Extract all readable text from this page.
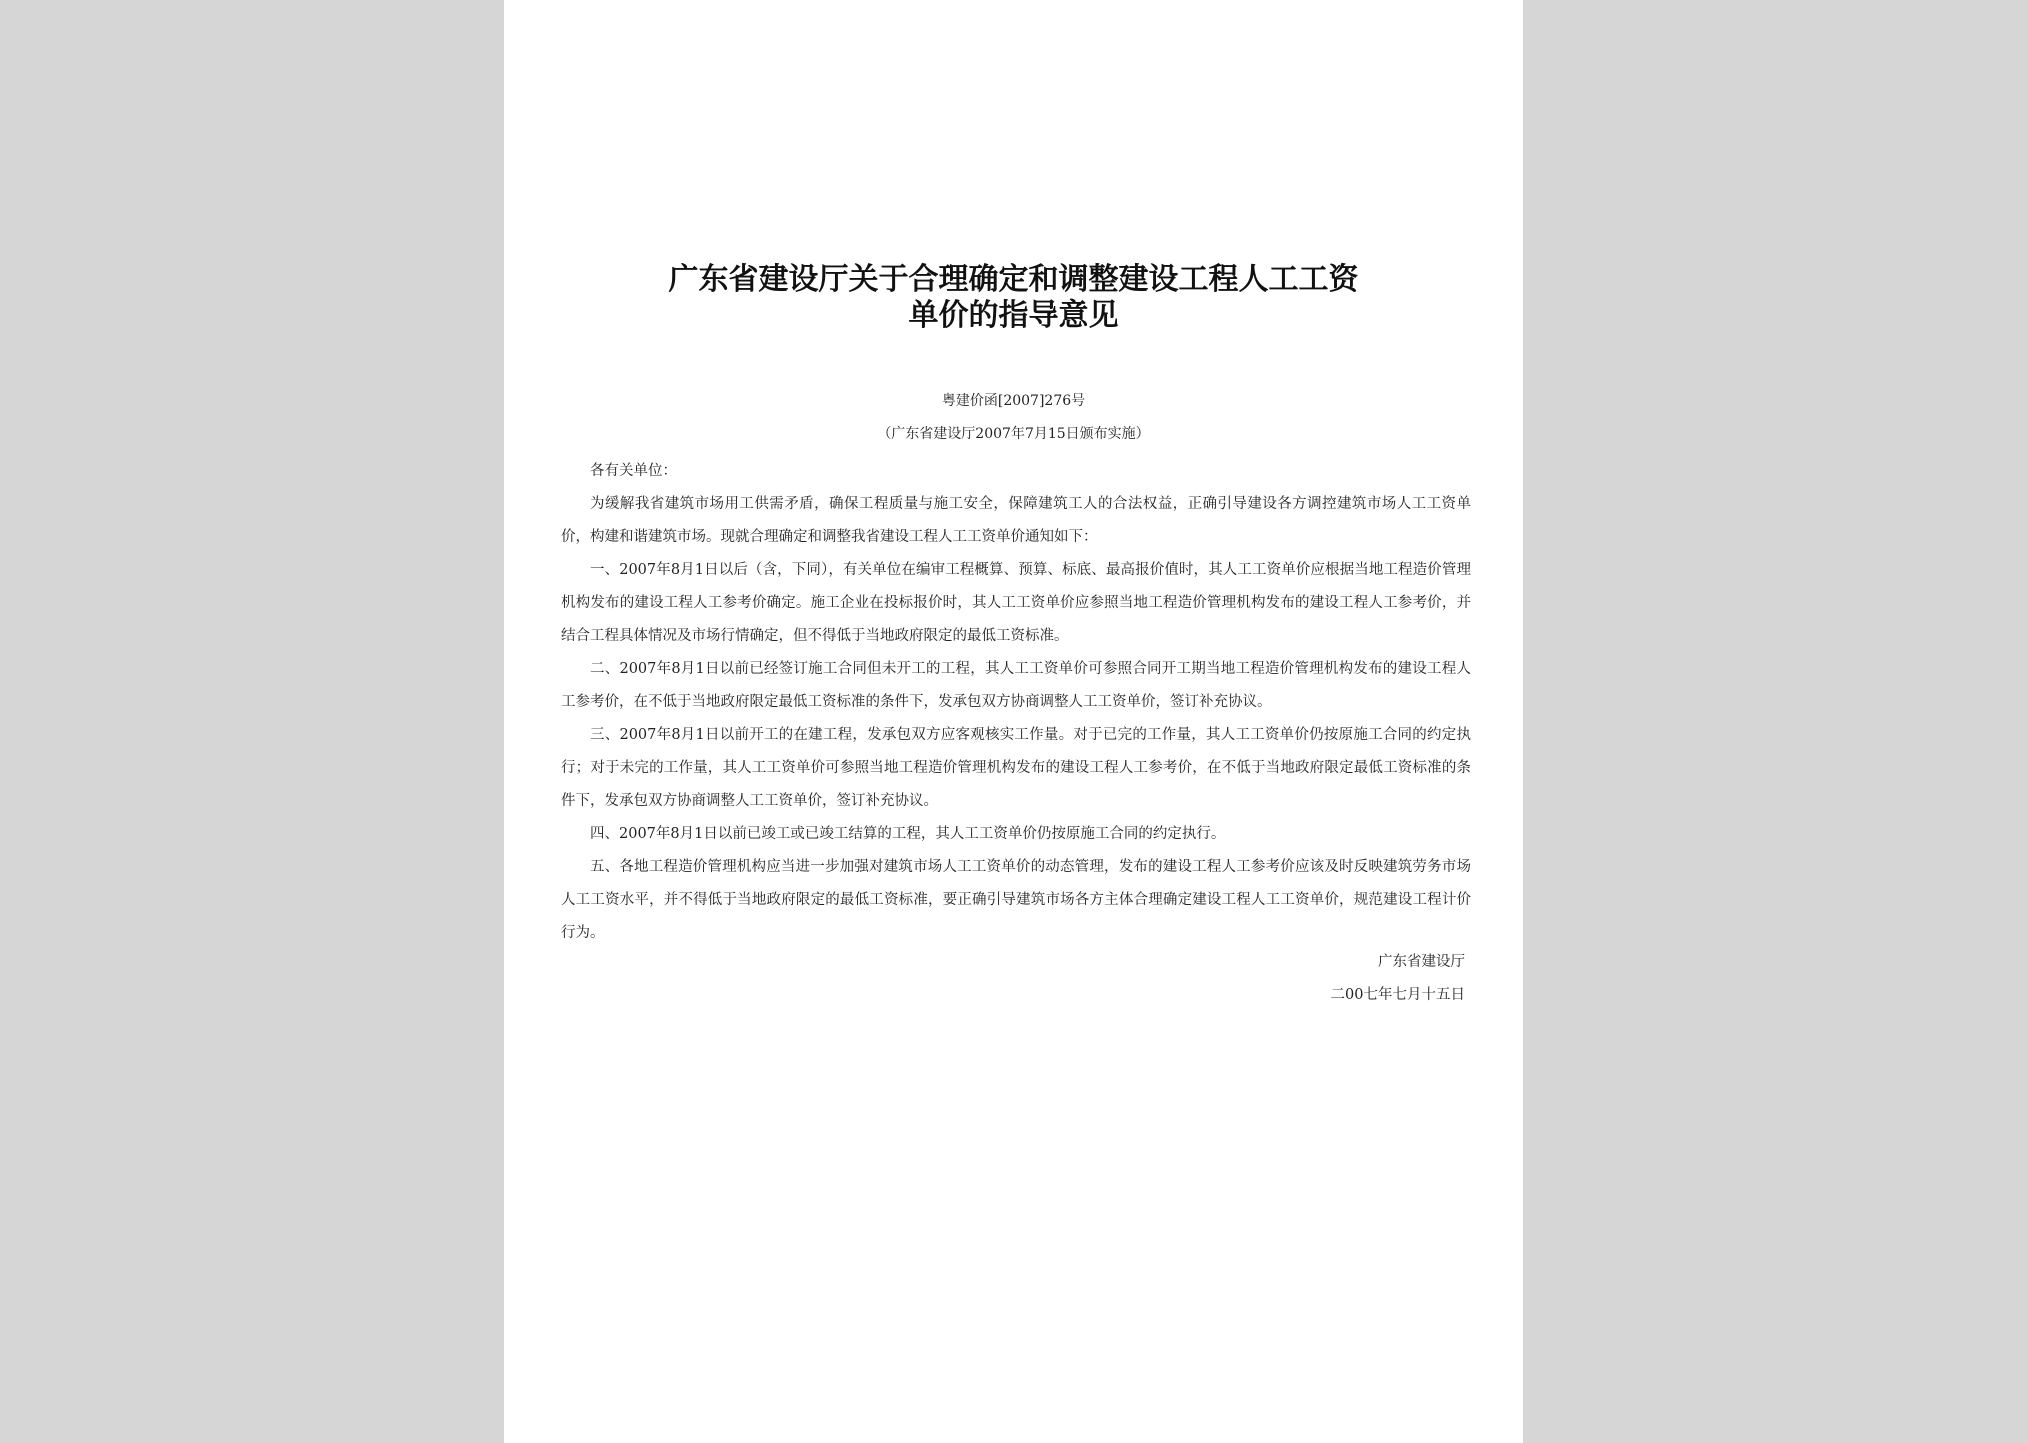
广东省建设厅关于合理确定和调整建设工程人工工资
单价的指导意见
粤建价函[2007]276号
（广东省建设厅2007年7月15日颁布实施）

各有关单位：

为缓解我省建筑市场用工供需矛盾，确保工程质量与施工安全，保障建筑工人的合法权益，正确引导建设各方调控建筑市场人工工资单价，构建和谐建筑市场。现就合理确定和调整我省建设工程人工工资单价通知如下：

一、2007年8月1日以后（含，下同），有关单位在编审工程概算、预算、标底、最高报价值时，其人工工资单价应根据当地工程造价管理机构发布的建设工程人工参考价确定。施工企业在投标报价时，其人工工资单价应参照当地工程造价管理机构发布的建设工程人工参考价，并结合工程具体情况及市场行情确定，但不得低于当地政府限定的最低工资标准。

二、2007年8月1日以前已经签订施工合同但未开工的工程，其人工工资单价可参照合同开工期当地工程造价管理机构发布的建设工程人工参考价，在不低于当地政府限定最低工资标准的条件下，发承包双方协商调整人工工资单价，签订补充协议。

三、2007年8月1日以前开工的在建工程，发承包双方应客观核实工作量。对于已完的工作量，其人工工资单价仍按原施工合同的约定执行；对于未完的工作量，其人工工资单价可参照当地工程造价管理机构发布的建设工程人工参考价，在不低于当地政府限定最低工资标准的条件下，发承包双方协商调整人工工资单价，签订补充协议。

四、2007年8月1日以前已竣工或已竣工结算的工程，其人工工资单价仍按原施工合同的约定执行。

五、各地工程造价管理机构应当进一步加强对建筑市场人工工资单价的动态管理，发布的建设工程人工参考价应该及时反映建筑劳务市场人工工资水平，并不得低于当地政府限定的最低工资标准，要正确引导建筑市场各方主体合理确定建设工程人工工资单价，规范建设工程计价行为。

广东省建设厅
二00七年七月十五日
